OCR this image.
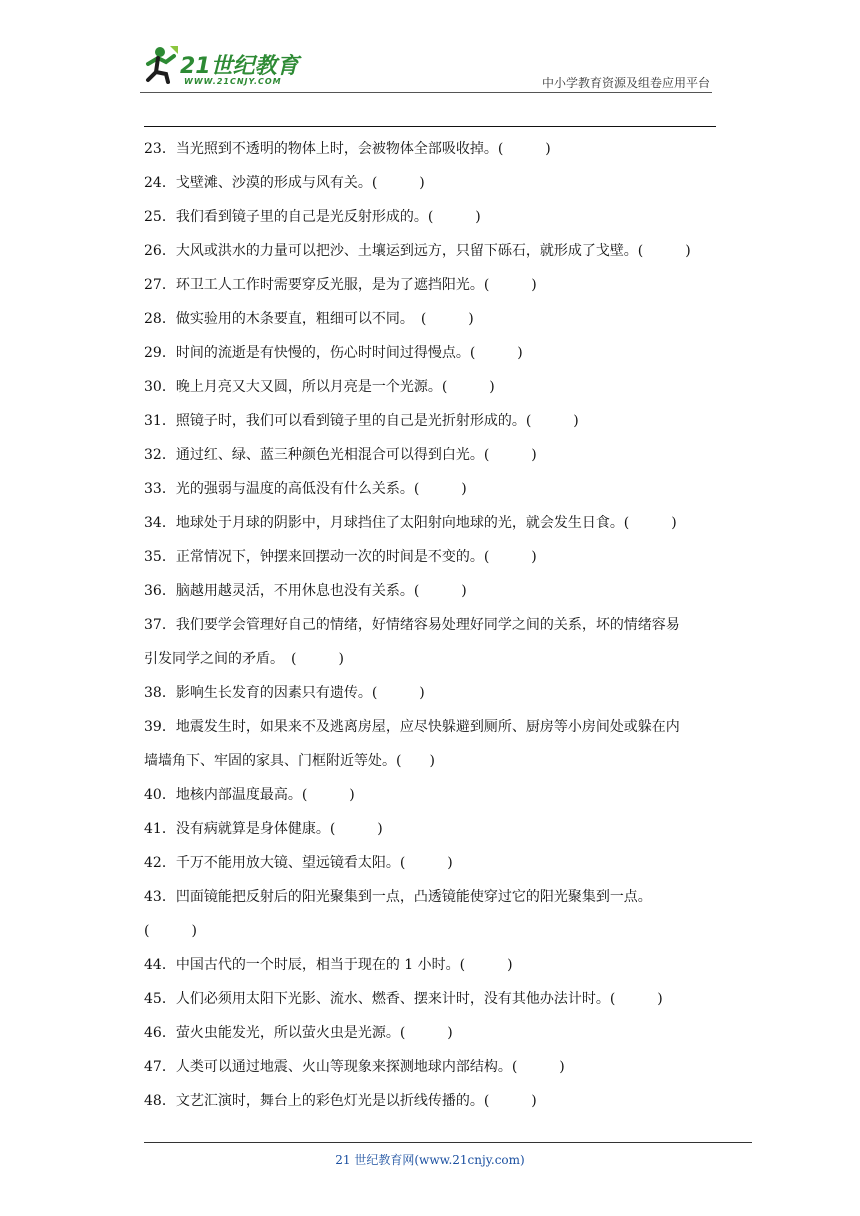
21世纪教育
WWW.21CNJY.COM	中小学教育资源及组卷应用平台
23．当光照到不透明的物体上时，会被物体全部吸收掉。(　　　)
24．戈壁滩、沙漠的形成与风有关。(　　　)
25．我们看到镜子里的自己是光反射形成的。(　　　)
26．大风或洪水的力量可以把沙、土壤运到远方，只留下砾石，就形成了戈壁。(　　　)
27．环卫工人工作时需要穿反光服，是为了遮挡阳光。(　　　)
28．做实验用的木条要直，粗细可以不同。　(　　　)
29．时间的流逝是有快慢的，伤心时时间过得慢点。(　　　)
30．晚上月亮又大又圆，所以月亮是一个光源。(　　　)
31．照镜子时，我们可以看到镜子里的自己是光折射形成的。(　　　)
32．通过红、绿、蓝三种颜色光相混合可以得到白光。(　　　)
33．光的强弱与温度的高低没有什么关系。(　　　)
34．地球处于月球的阴影中，月球挡住了太阳射向地球的光，就会发生日食。(　　　)
35．正常情况下，钟摆来回摆动一次的时间是不变的。(　　　)
36．脑越用越灵活，不用休息也没有关系。(　　　)
37．我们要学会管理好自己的情绪，好情绪容易处理好同学之间的关系，坏的情绪容易
引发同学之间的矛盾。　(　　　)
38．影响生长发育的因素只有遗传。(　　　)
39．地震发生时，如果来不及逃离房屋，应尽快躲避到厕所、厨房等小房间处或躲在内
墙墙角下、牢固的家具、门框附近等处。(　　)
40．地核内部温度最高。(　　　)
41．没有病就算是身体健康。(　　　)
42．千万不能用放大镜、望远镜看太阳。(　　　)
43．凹面镜能把反射后的阳光聚集到一点，凸透镜能使穿过它的阳光聚集到一点。
(　　　)
44．中国古代的一个时辰，相当于现在的 1 小时。(　　　)
45．人们必须用太阳下光影、流水、燃香、摆来计时，没有其他办法计时。(　　　)
46．萤火虫能发光，所以萤火虫是光源。(　　　)
47．人类可以通过地震、火山等现象来探测地球内部结构。(　　　)
48．文艺汇演时，舞台上的彩色灯光是以折线传播的。(　　　)
21 世纪教育网(www.21cnjy.com)
